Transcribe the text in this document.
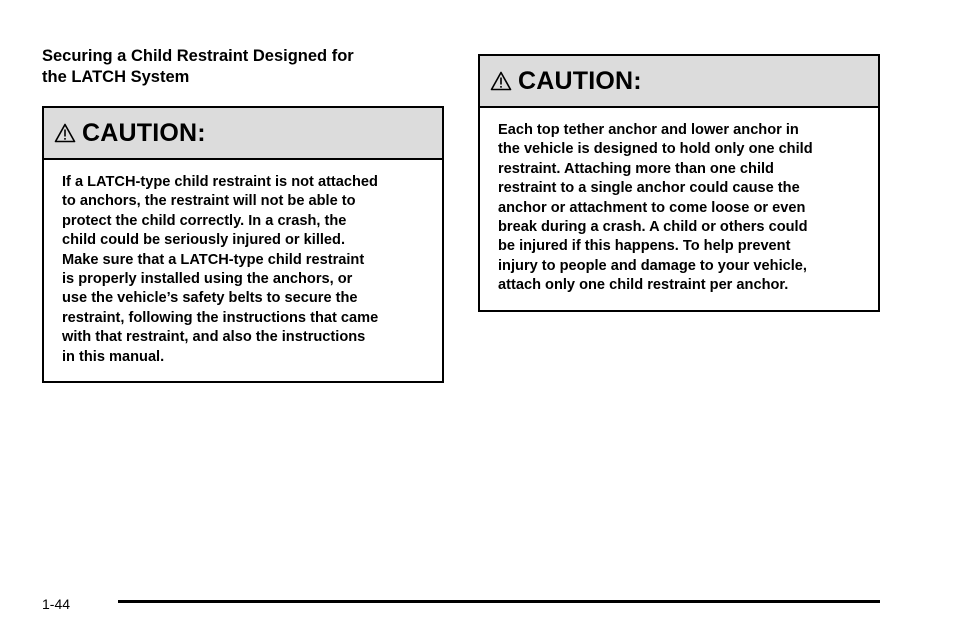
Securing a Child Restraint Designed for
the LATCH System
CAUTION:
If a LATCH-type child restraint is not attached
to anchors, the restraint will not be able to
protect the child correctly. In a crash, the
child could be seriously injured or killed.
Make sure that a LATCH-type child restraint
is properly installed using the anchors, or
use the vehicle’s safety belts to secure the
restraint, following the instructions that came
with that restraint, and also the instructions
in this manual.
CAUTION:
Each top tether anchor and lower anchor in
the vehicle is designed to hold only one child
restraint. Attaching more than one child
restraint to a single anchor could cause the
anchor or attachment to come loose or even
break during a crash. A child or others could
be injured if this happens. To help prevent
injury to people and damage to your vehicle,
attach only one child restraint per anchor.
1-44
